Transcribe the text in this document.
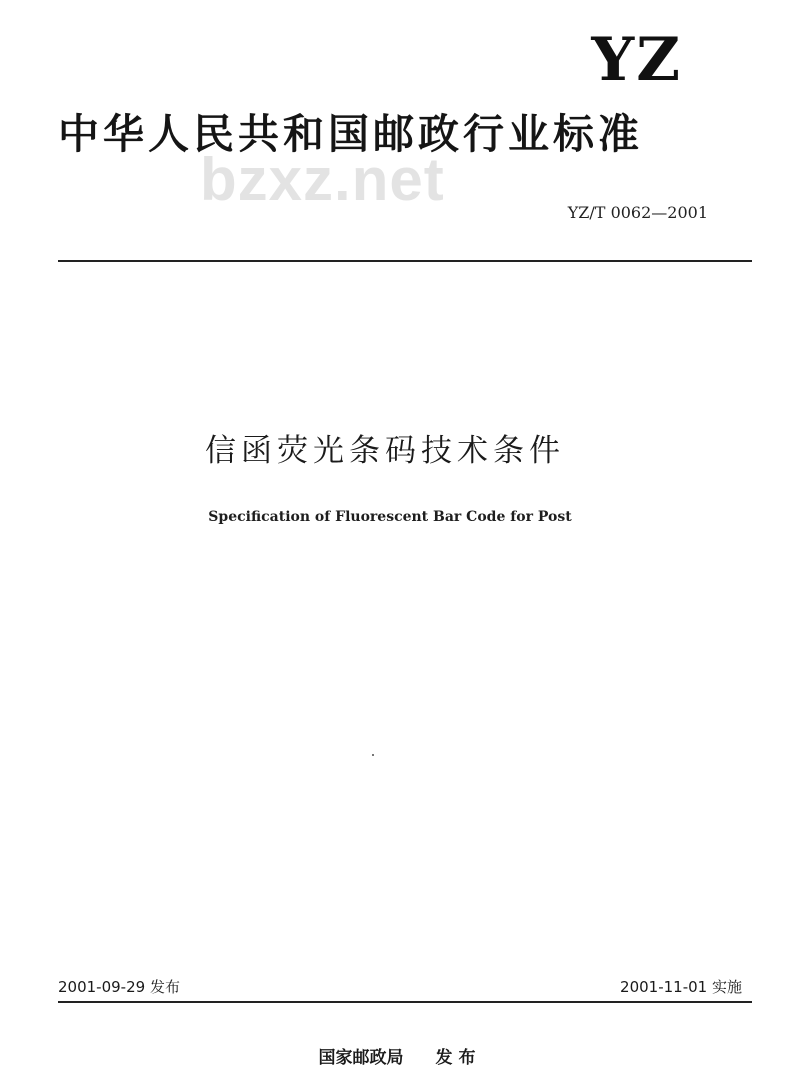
YZ
中华人民共和国邮政行业标准
bzxz.net	YZ/T 0062—2001
信函荧光条码技术条件
Specification of Fluorescent Bar Code for Post
2001-09-29 发布	2001-11-01 实施
国家邮政局 发布
